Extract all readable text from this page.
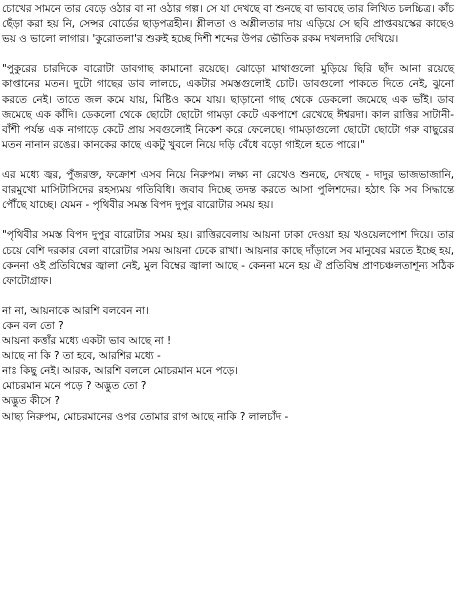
চোখের সামনে তার বেড়ে ওঠার বা না ওঠার গল্প। সে যা দেখছে বা শুনছে বা ভাবছে তার লিখিত চলচ্চিত্র। কাঁচ ছেঁড়া করা হয় নি, সেন্সর বোর্ডের ছাড়পত্রহীন। শ্লীলতা ও অশ্লীলতার দায় এড়িয়ে সে ছবি প্রাপ্তবয়স্কের কাছেও ভয় ও ভালো লাগার। 'কুরোতলা'র শুরুই হচ্ছে দিশী শব্দের উপর ভৌতিক রকম দখলদারি দেখিয়ে।

"পুকুরের চারদিকে বারোটা ডাবগাছ কামানো রয়েছে। ঝোড়ো মাথাগুলো মুড়িয়ে ছিরি ছাঁদ আনা রয়েছে কাপ্তানের মতন। দুটো গাছের ডাব লালচে, একটার সমস্তগুলোই চোট। ডাবগুলো পাকতে দিতে নেই, ঝুনো করতে নেই। তাতে জল কমে যায়, মিষ্টিও কমে যায়। ছাড়ানো গাছ থেকে ডেকলো জমেছে এক ভাঁই। ডাব জমেছে এক কাঁদি। ডেকলো থেকে ছোটো ছোটো গামড়া কেটে একপাশে রেখেছে ঈশ্বরদা। কাল রাত্তির সাটানী-বাঁশী পর্যন্ত এক নাগাড়ে কেটে প্রায় সবগুলোই নিকেশ করে ফেলেছে। গামড়াগুলো ছোটো ছোটো গরু বাছুরের মতন নানান রঙের। কানকের কাছে একটু খুবলে নিয়ে দড়ি বেঁধে বড়ো গাইলে হতে পারে।"

এর মধ্যে জ্বর, পুঁজরক্ত, ফক্রোশ এসব নিয়ে নিরুপম। লক্ষ্য না রেখেও শুনছে, দেখছে - দাদুর ভাজভাজানি, বারমুখো মাসিটাসিদের রহস্যময় গতিবিধি। জবাব দিচ্ছে তদন্ত করতে আসা পুলিশদের। হঠাৎ কি সব সিদ্ধান্তে পৌঁছে যাচ্ছে। যেমন - পৃথিবীর সমস্ত বিপদ দুপুর বারোটার সময় হয়।

"পৃথিবীর সমস্ত বিপদ দুপুর বারোটার সময় হয়। রাত্তিরবেলায় আয়না ঢাকা দেওয়া হয় খওয়েলপোশ দিয়ে। তার চেয়ে বেশি দরকার বেলা বারোটার সময় আয়না ঢেকে রাখা। আয়নার কাছে দাঁড়ালে সব মানুষের মরতে ইচ্ছে হয়, কেননা ওই প্রতিবিম্বের জ্বালা নেই, মুল বিম্বের জ্বালা আছে - কেননা মনে হয় ঐ প্রতিবিম্ব প্রাণচঞ্চলতাশূন্য সঠিক ফোটোগ্রাফ।

না না, আয়নাকে আরশি বলবেন না।

কেন বল তো ?

আয়না কত্তাঁর মধ্যে একটা ভাব আছে না !

আছে না কি ? তা হবে, আরশির মধ্যে -

নাঃ কিছু নেই। আরক, আরশি বললে মোচরমান মনে পড়ে।

মোচরমান মনে পড়ে ? অদ্ভুত তো ?

অদ্ভুত কীসে ?

আছ্য নিরুপম, মোচরমানের ওপর তোমার রাগ আছে নাকি ? লালচাঁদ -
